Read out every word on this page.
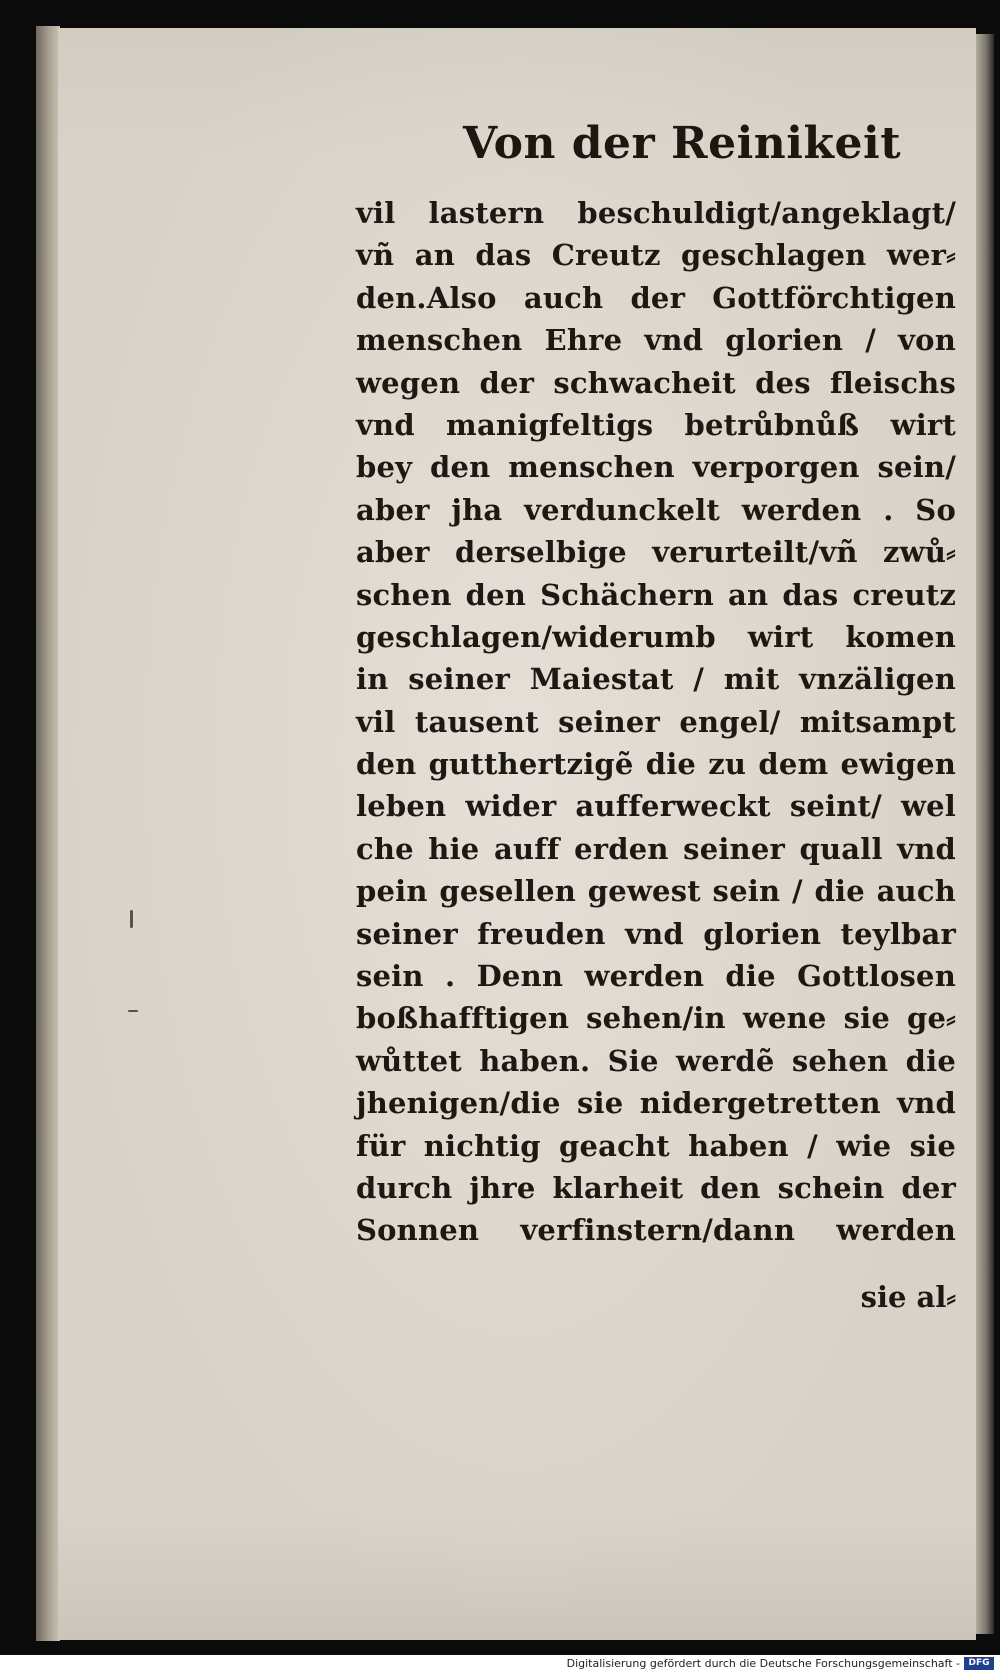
Von der Reinikeit
vil lastern beschuldigt/angeklagt/
vñ an das Creutz geschlagen wer⸗
den.Also auch der Gottförchtigen
menschen Ehre vnd glorien / von
wegen der schwacheit des fleischs
vnd manigfeltigs betrůbnůß wirt
bey den menschen verporgen sein/
aber jha verdunckelt werden . So
aber derselbige verurteilt/vñ zwů⸗
schen den Schächern an das creutz
geschlagen/widerumb wirt komen
in seiner Maiestat / mit vnzäligen
vil tausent seiner engel/ mitsampt
den gutthertzigẽ die zu dem ewigen
leben wider aufferweckt seint/ wel
che hie auff erden seiner quall vnd
pein gesellen gewest sein / die auch
seiner freuden vnd glorien teylbar
sein . Denn werden die Gottlosen
boßhafftigen sehen/in wene sie ge⸗
wůttet haben. Sie werdẽ sehen die
jhenigen/die sie nidergetretten vnd
für nichtig geacht haben / wie sie
durch jhre klarheit den schein der
Sonnen verfinstern/dann werden
sie al⸗
Digitalisierung gefördert durch die Deutsche Forschungsgemeinschaft - DFG
